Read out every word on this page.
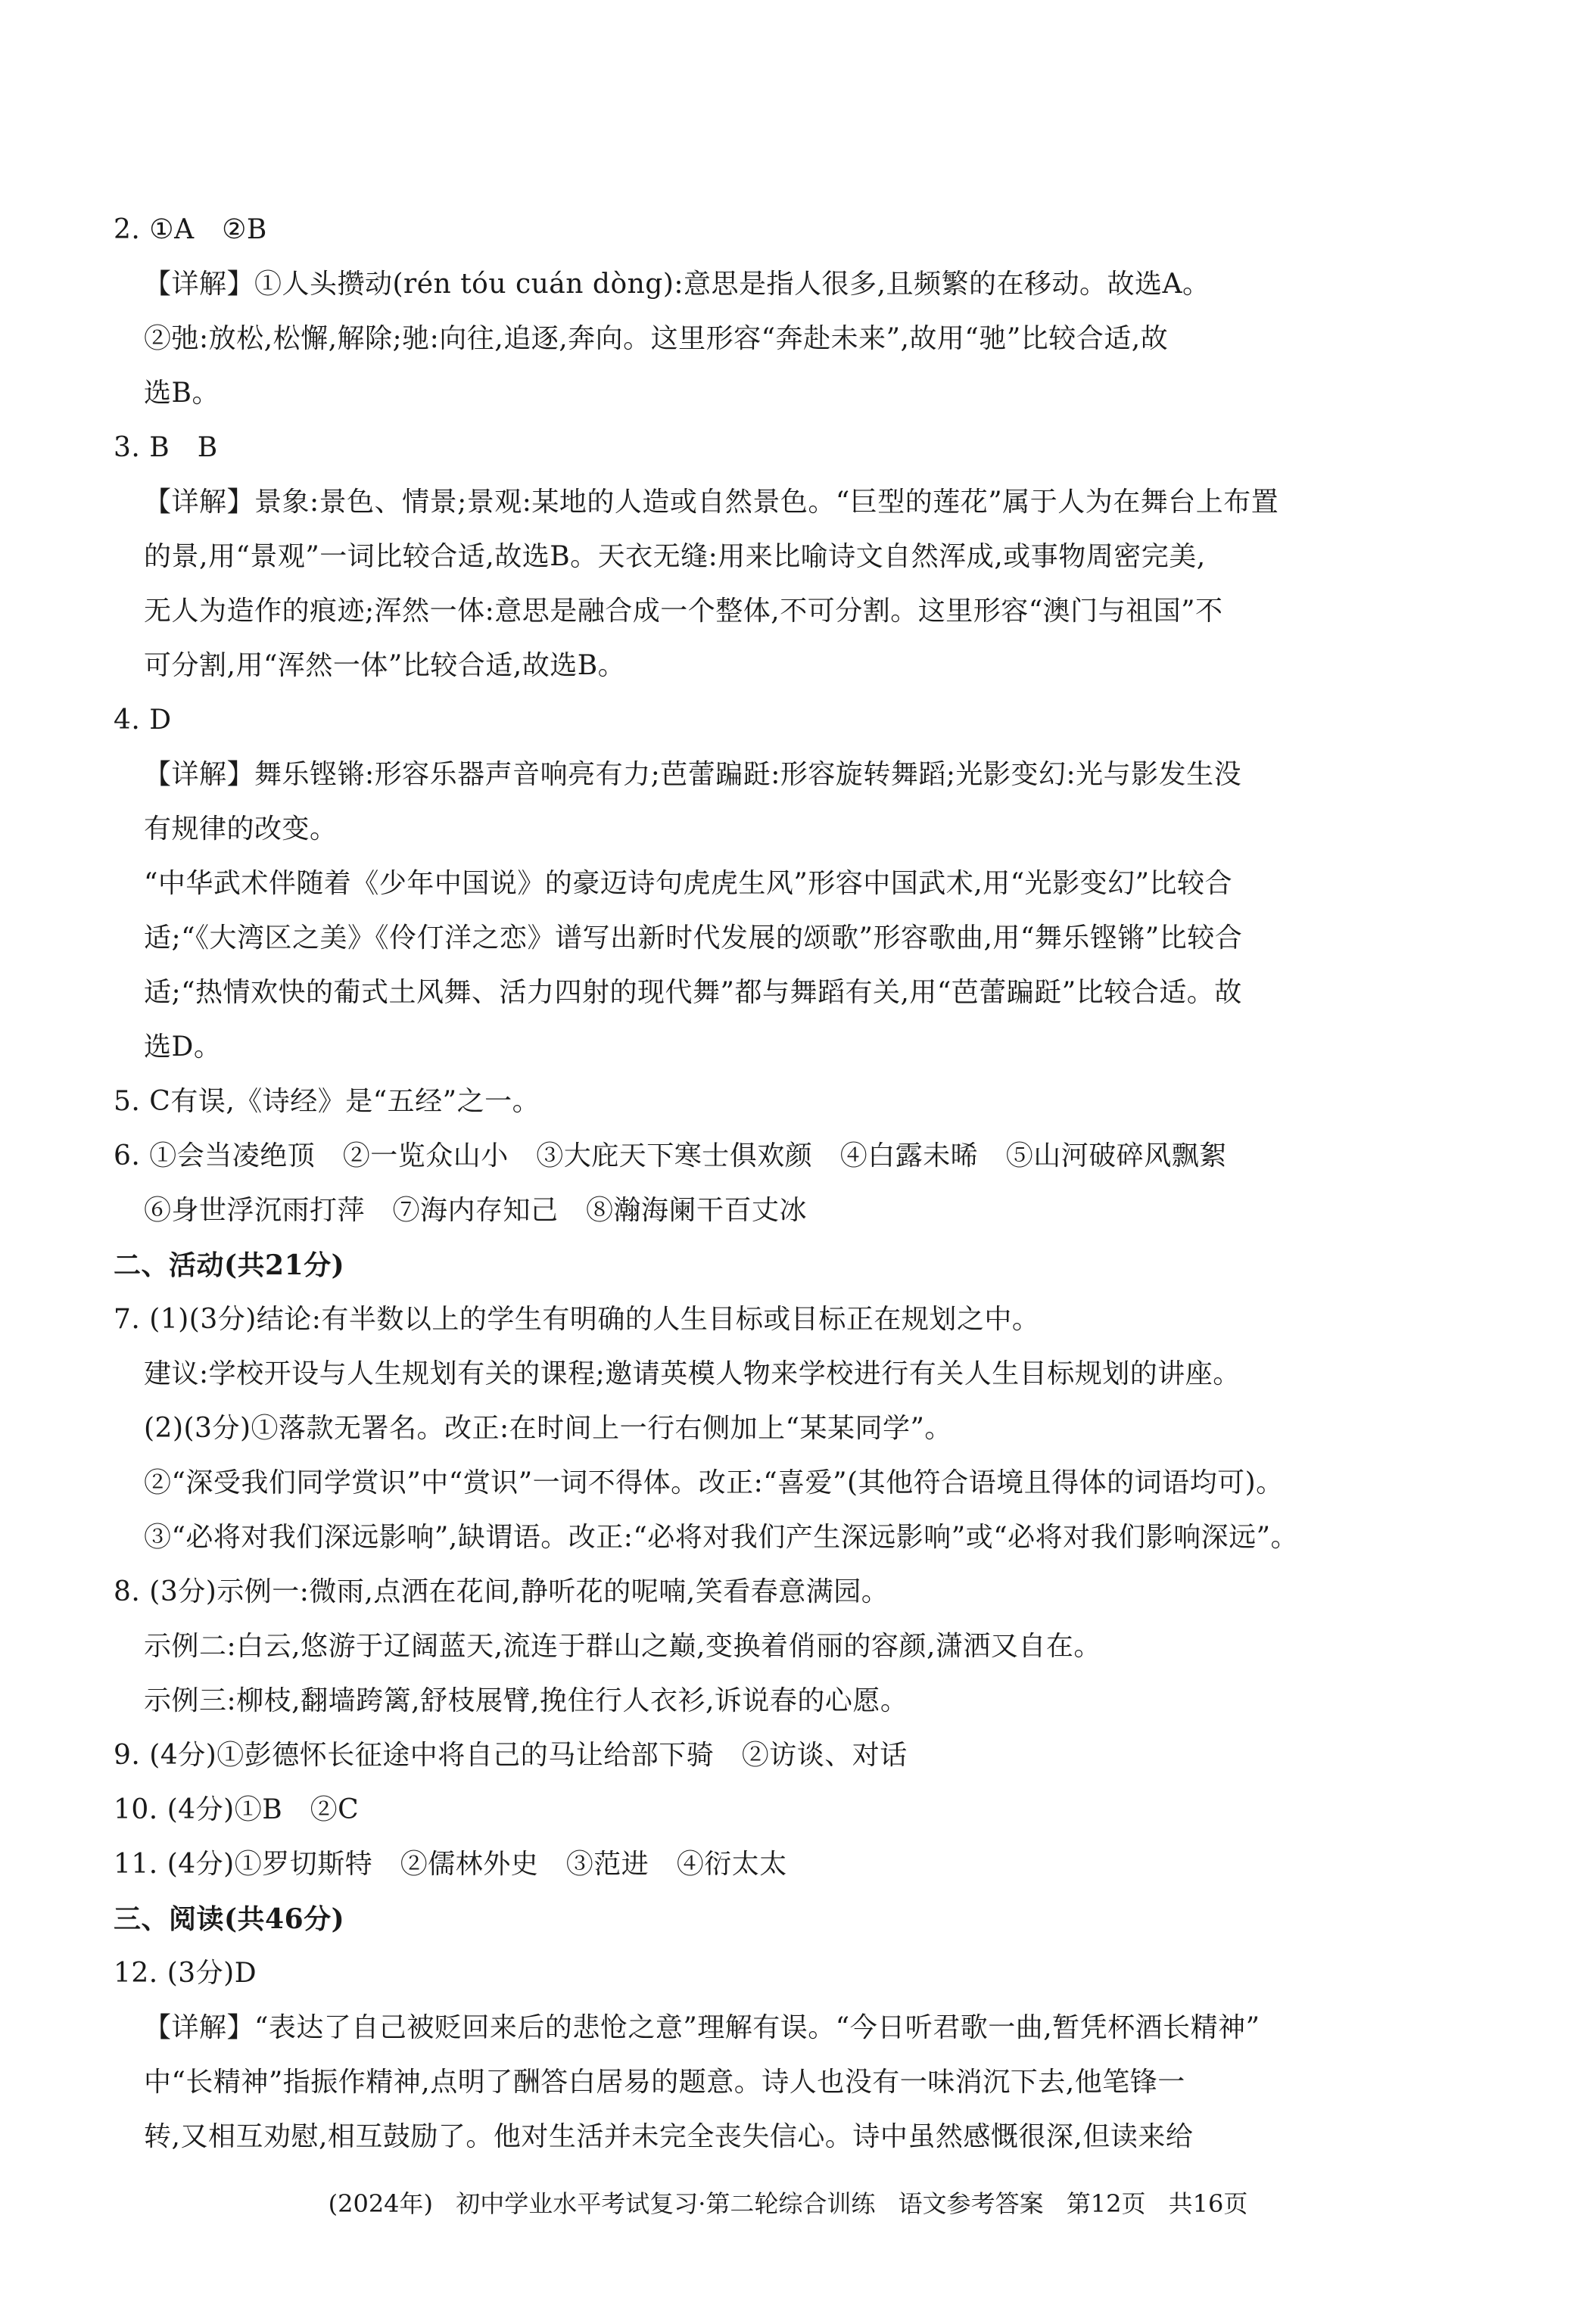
2. ①A　②B
【详解】①人头攒动(rén tóu cuán dòng):意思是指人很多,且频繁的在移动。故选A。
②弛:放松,松懈,解除;驰:向往,追逐,奔向。这里形容“奔赴未来”,故用“驰”比较合适,故
选B。
3. B　B
【详解】景象:景色、情景;景观:某地的人造或自然景色。“巨型的莲花”属于人为在舞台上布置
的景,用“景观”一词比较合适,故选B。天衣无缝:用来比喻诗文自然浑成,或事物周密完美,
无人为造作的痕迹;浑然一体:意思是融合成一个整体,不可分割。这里形容“澳门与祖国”不
可分割,用“浑然一体”比较合适,故选B。
4. D
【详解】舞乐铿锵:形容乐器声音响亮有力;芭蕾蹁跹:形容旋转舞蹈;光影变幻:光与影发生没
有规律的改变。
“中华武术伴随着《少年中国说》的豪迈诗句虎虎生风”形容中国武术,用“光影变幻”比较合
适;“《大湾区之美》《伶仃洋之恋》谱写出新时代发展的颂歌”形容歌曲,用“舞乐铿锵”比较合
适;“热情欢快的葡式土风舞、活力四射的现代舞”都与舞蹈有关,用“芭蕾蹁跹”比较合适。故
选D。
5. C有误,《诗经》是“五经”之一。
6. ①会当凌绝顶　②一览众山小　③大庇天下寒士俱欢颜　④白露未晞　⑤山河破碎风飘絮
⑥身世浮沉雨打萍　⑦海内存知己　⑧瀚海阑干百丈冰
二、活动(共21分)
7. (1)(3分)结论:有半数以上的学生有明确的人生目标或目标正在规划之中。
建议:学校开设与人生规划有关的课程;邀请英模人物来学校进行有关人生目标规划的讲座。
(2)(3分)①落款无署名。改正:在时间上一行右侧加上“某某同学”。
②“深受我们同学赏识”中“赏识”一词不得体。改正:“喜爱”(其他符合语境且得体的词语均可)。
③“必将对我们深远影响”,缺谓语。改正:“必将对我们产生深远影响”或“必将对我们影响深远”。
8. (3分)示例一:微雨,点洒在花间,静听花的呢喃,笑看春意满园。
示例二:白云,悠游于辽阔蓝天,流连于群山之巅,变换着俏丽的容颜,潇洒又自在。
示例三:柳枝,翻墙跨篱,舒枝展臂,挽住行人衣衫,诉说春的心愿。
9. (4分)①彭德怀长征途中将自己的马让给部下骑　②访谈、对话
10. (4分)①B　②C
11. (4分)①罗切斯特　②儒林外史　③范进　④衍太太
三、阅读(共46分)
12. (3分)D
【详解】“表达了自己被贬回来后的悲怆之意”理解有误。“今日听君歌一曲,暂凭杯酒长精神”
中“长精神”指振作精神,点明了酬答白居易的题意。诗人也没有一味消沉下去,他笔锋一
转,又相互劝慰,相互鼓励了。他对生活并未完全丧失信心。诗中虽然感慨很深,但读来给
(2024年) 初中学业水平考试复习·第二轮综合训练 语文参考答案 第12页 共16页
